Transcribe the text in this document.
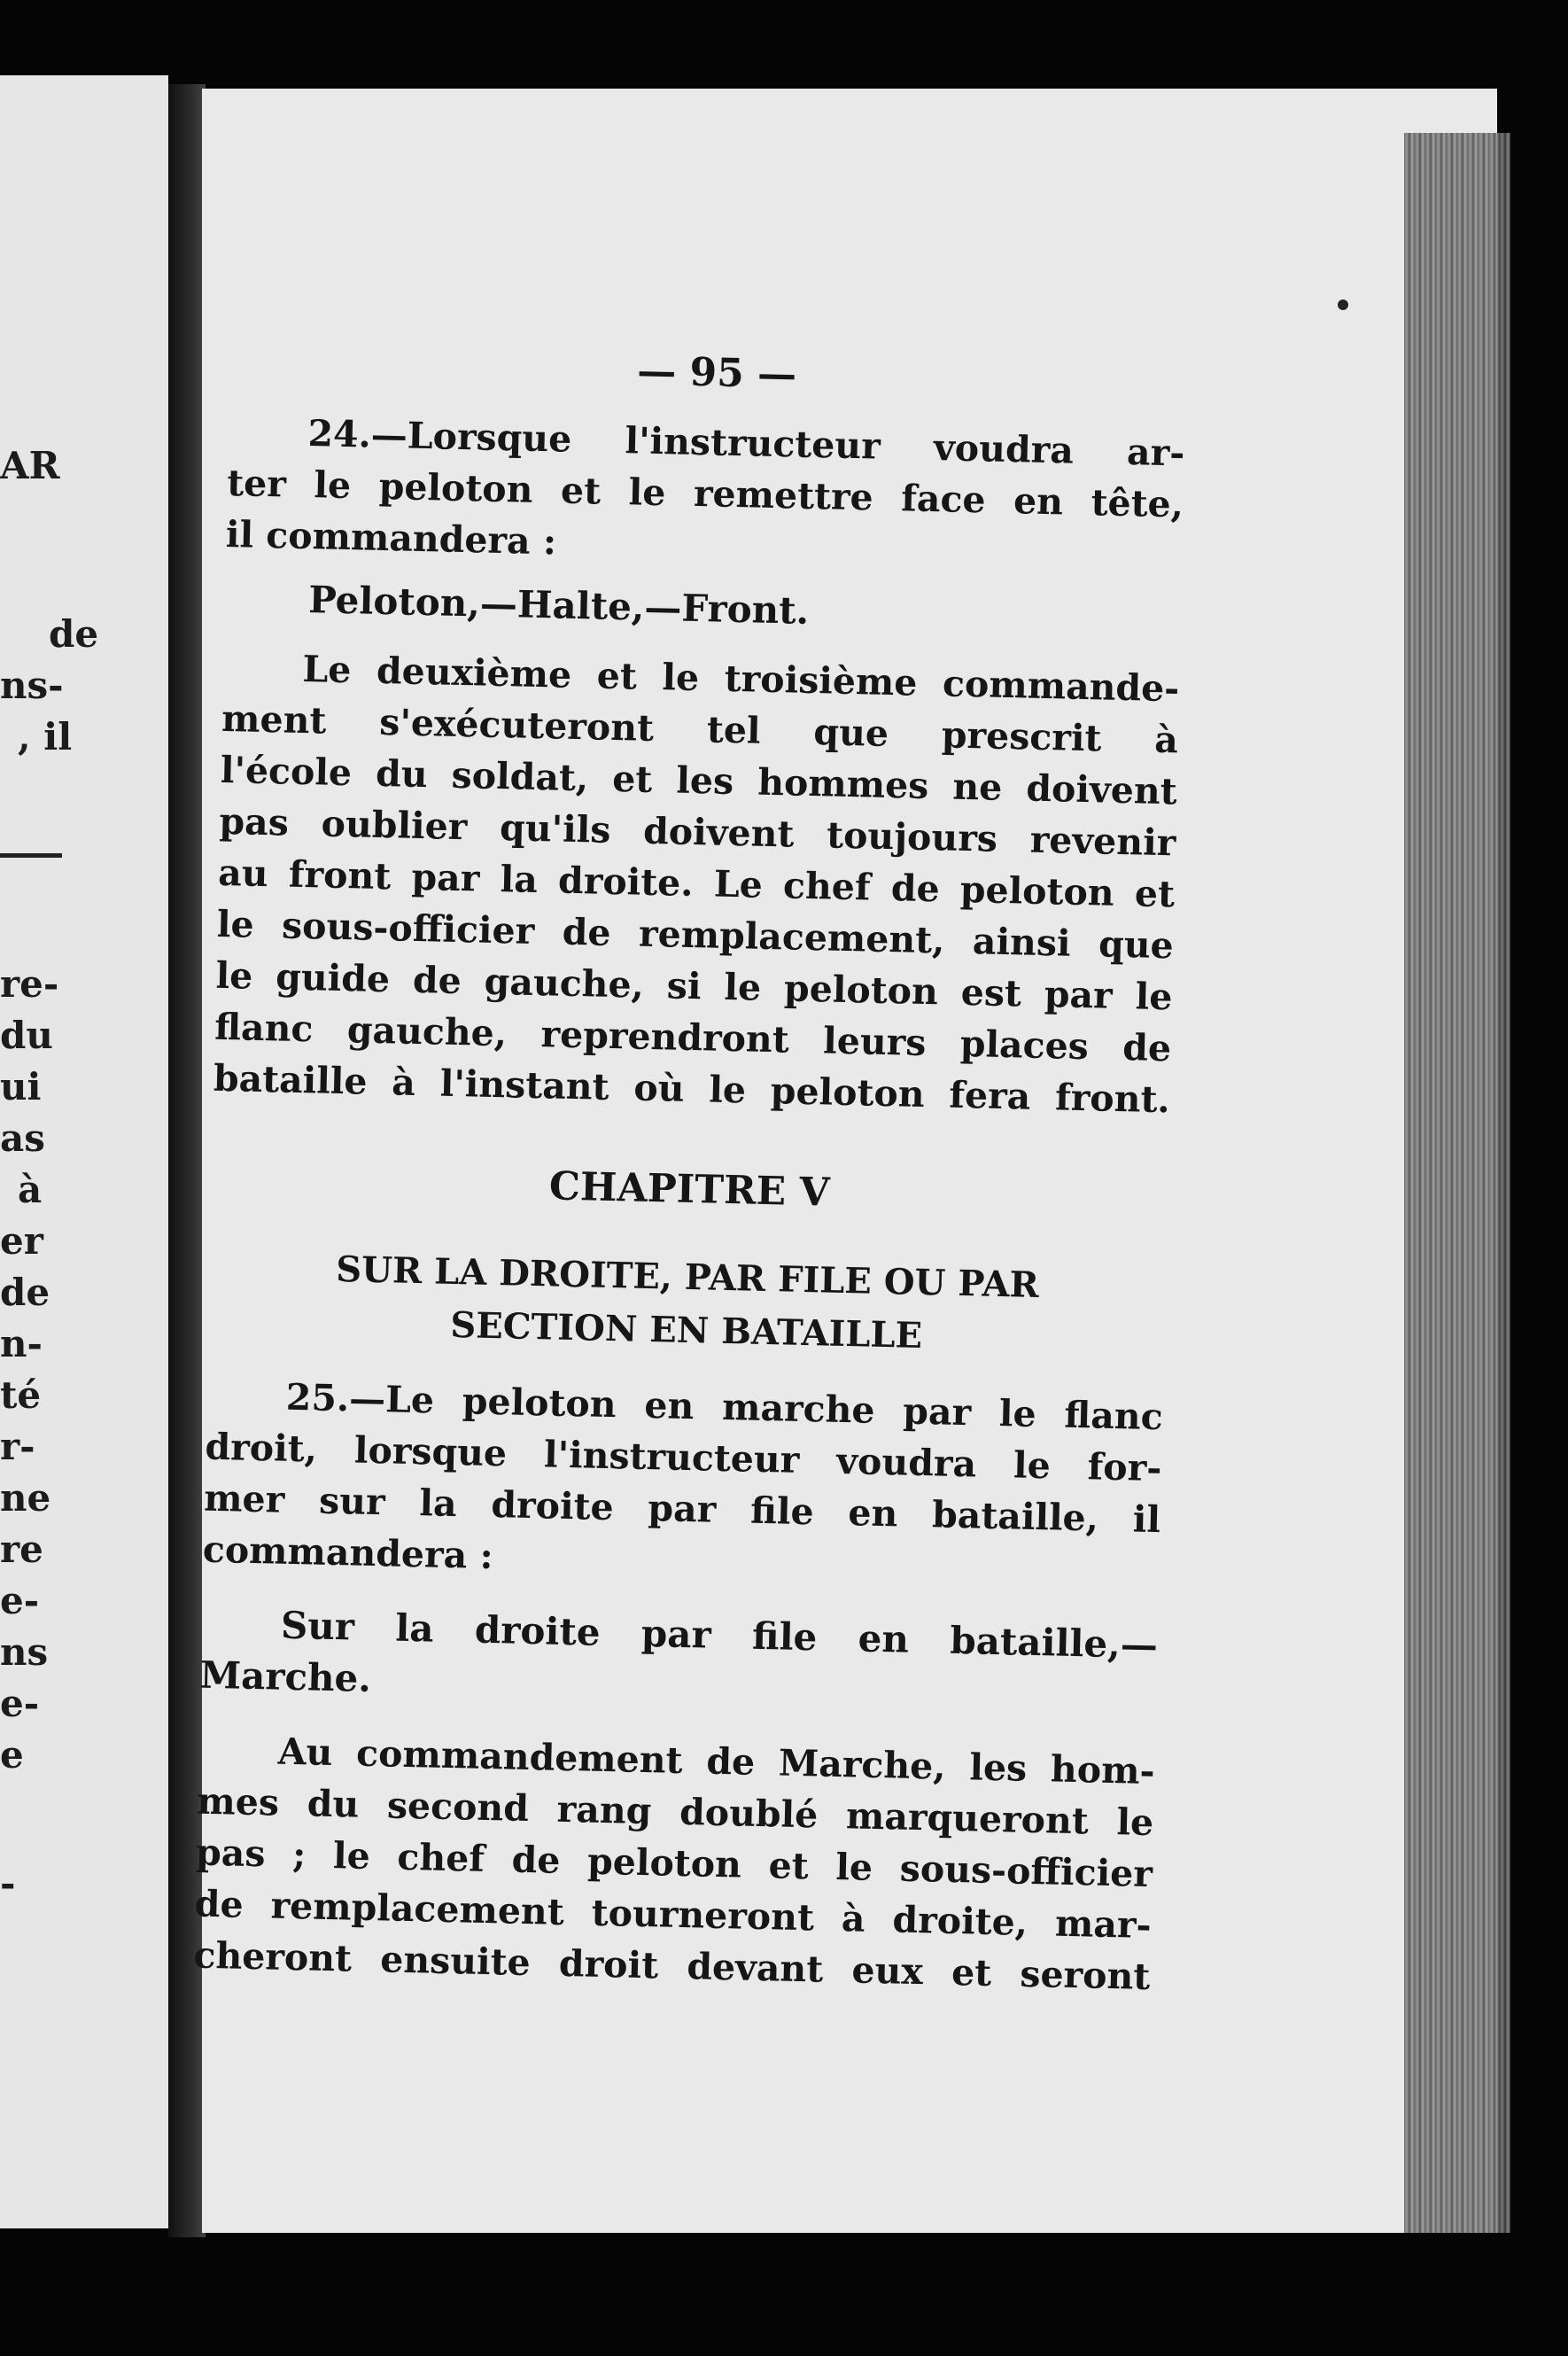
AR
de
ns-
, il
re-
du
ui
as
à
er
de
n-
té
r-
ne
re
e-
ns
e-
e
-
— 95 —
24.—Lorsque l'instructeur voudra ar-
ter le peloton et le remettre face en tête,
il commandera :
Peloton,—Halte,—Front.
Le deuxième et le troisième commande-
ment s'exécuteront tel que prescrit à
l'école du soldat, et les hommes ne doivent
pas oublier qu'ils doivent toujours revenir
au front par la droite. Le chef de peloton et
le sous-officier de remplacement, ainsi que
le guide de gauche, si le peloton est par le
flanc gauche, reprendront leurs places de
bataille à l'instant où le peloton fera front.
CHAPITRE V
SUR LA DROITE, PAR FILE OU PAR
SECTION EN BATAILLE
25.—Le peloton en marche par le flanc
droit, lorsque l'instructeur voudra le for-
mer sur la droite par file en bataille, il
commandera :
Sur la droite par file en bataille,—
Marche.
Au commandement de Marche, les hom-
mes du second rang doublé marqueront le
pas ; le chef de peloton et le sous-officier
de remplacement tourneront à droite, mar-
cheront ensuite droit devant eux et seront
